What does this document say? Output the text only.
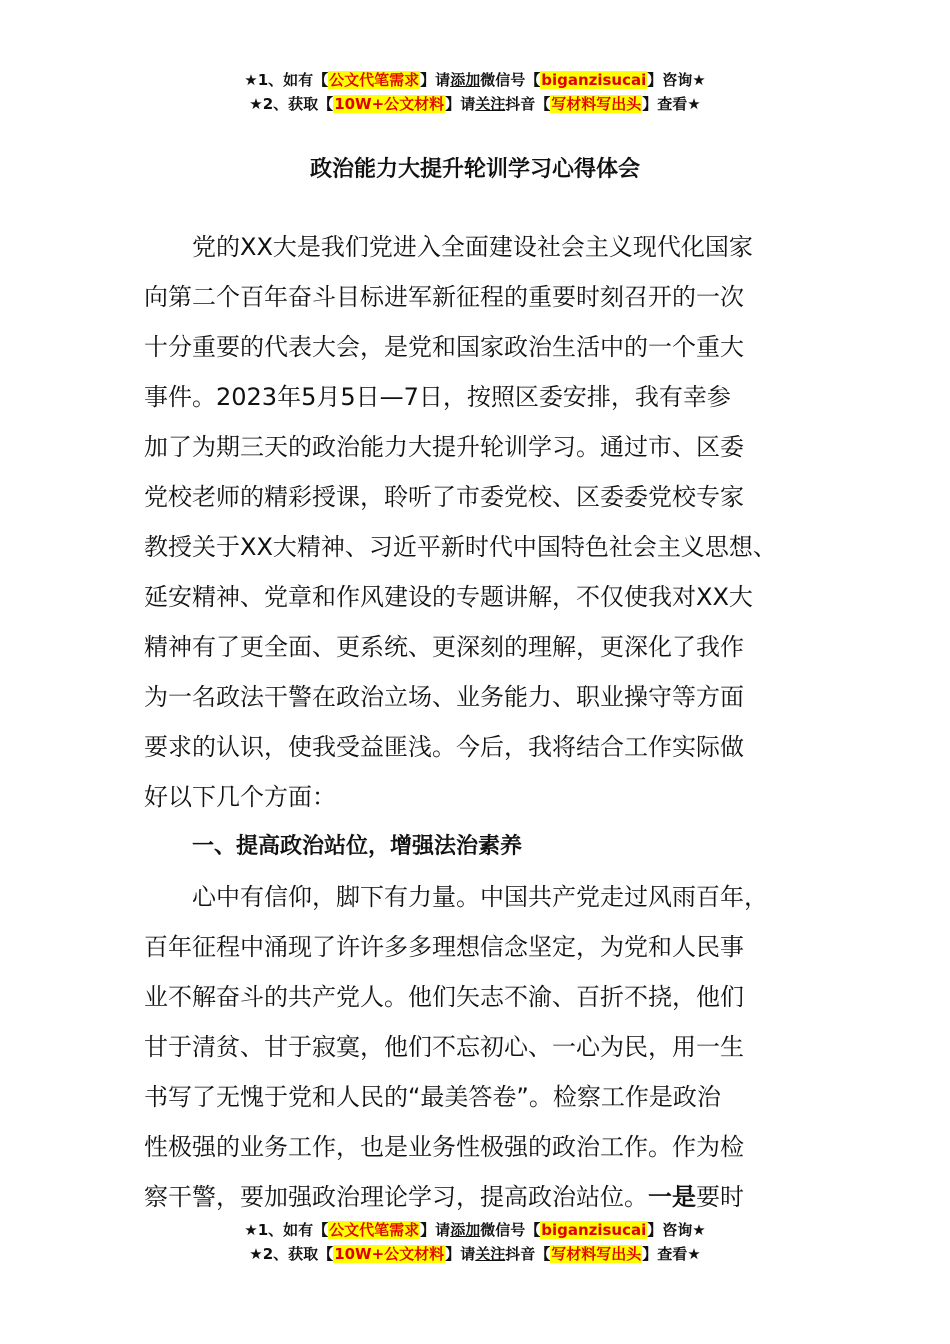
★1、如有【公文代笔需求】请添加微信号【biganzisucai】咨询★
★2、获取【10W+公文材料】请关注抖音【写材料写出头】查看★
政治能力大提升轮训学习心得体会

党的XX大是我们党进入全面建设社会主义现代化国家
向第二个百年奋斗目标进军新征程的重要时刻召开的一次
十分重要的代表大会，是党和国家政治生活中的一个重大
事件。2023年5月5日—7日，按照区委安排，我有幸参
加了为期三天的政治能力大提升轮训学习。通过市、区委
党校老师的精彩授课，聆听了市委党校、区委委党校专家
教授关于XX大精神、习近平新时代中国特色社会主义思想、
延安精神、党章和作风建设的专题讲解，不仅使我对XX大
精神有了更全面、更系统、更深刻的理解，更深化了我作
为一名政法干警在政治立场、业务能力、职业操守等方面
要求的认识，使我受益匪浅。今后，我将结合工作实际做
好以下几个方面：

一、提高政治站位，增强法治素养

心中有信仰，脚下有力量。中国共产党走过风雨百年，
百年征程中涌现了许许多多理想信念坚定，为党和人民事
业不解奋斗的共产党人。他们矢志不渝、百折不挠，他们
甘于清贫、甘于寂寞，他们不忘初心、一心为民，用一生
书写了无愧于党和人民的“最美答卷”。检察工作是政治
性极强的业务工作，也是业务性极强的政治工作。作为检
察干警，要加强政治理论学习，提高政治站位。一是要时

★1、如有【公文代笔需求】请添加微信号【biganzisucai】咨询★
★2、获取【10W+公文材料】请关注抖音【写材料写出头】查看★
